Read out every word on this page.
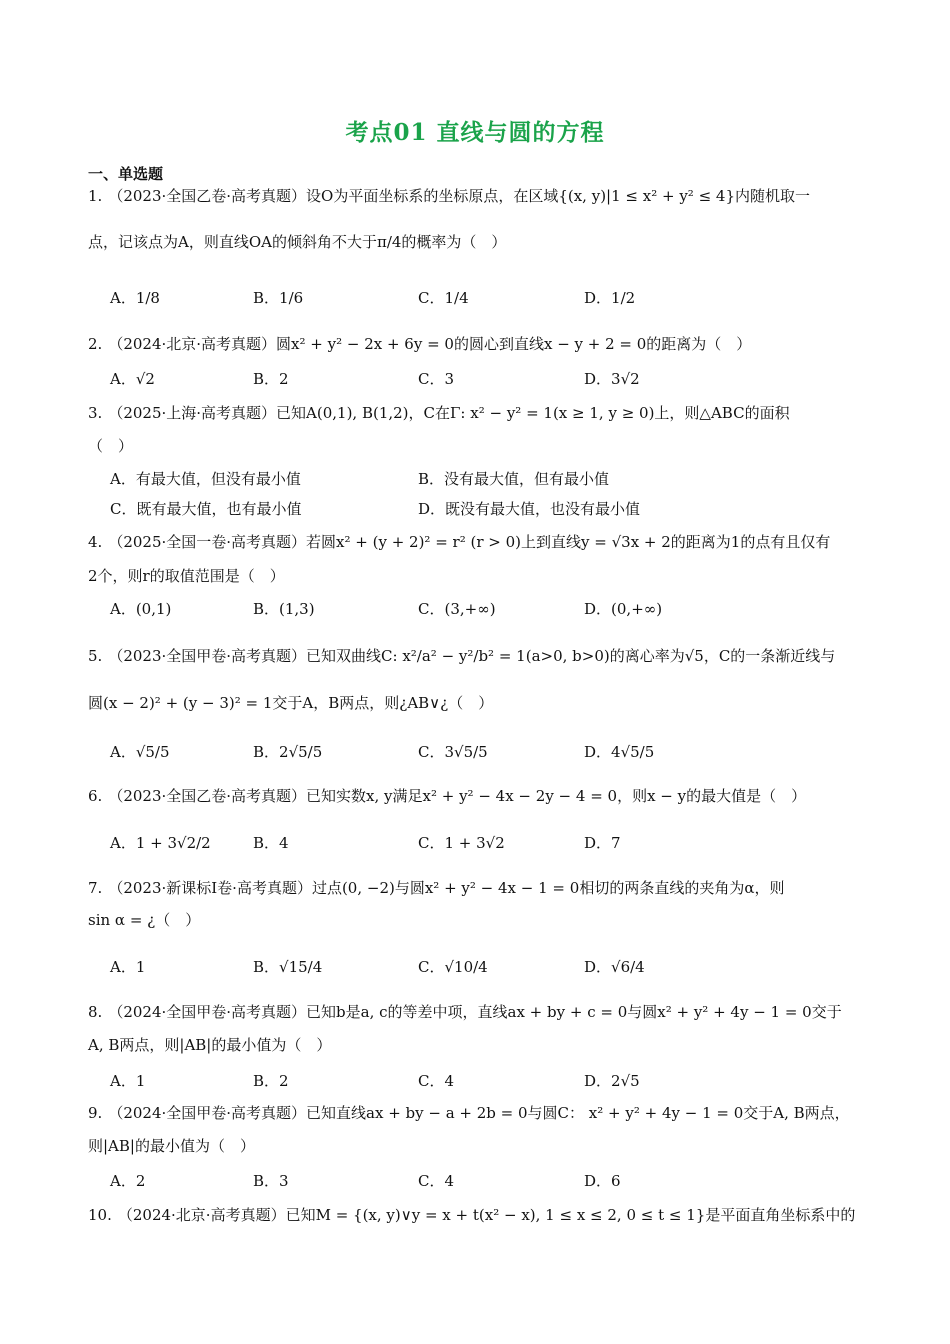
考点01 直线与圆的方程
一、单选题
1. （2023·全国乙卷·高考真题）设O为平面坐标系的坐标原点，在区域{(x, y)|1 ≤ x² + y² ≤ 4}内随机取一
点，记该点为A，则直线OA的倾斜角不大于π/4的概率为（　）
A．1/8	B．1/6	C．1/4	D．1/2
2. （2024·北京·高考真题）圆x² + y² − 2x + 6y = 0的圆心到直线x − y + 2 = 0的距离为（　）
A．√2	B．2	C．3	D．3√2
3. （2025·上海·高考真题）已知A(0,1), B(1,2)，C在Γ: x² − y² = 1(x ≥ 1, y ≥ 0)上，则△ABC的面积
（　）
A．有最大值，但没有最小值	B．没有最大值，但有最小值
C．既有最大值，也有最小值	D．既没有最大值，也没有最小值
4. （2025·全国一卷·高考真题）若圆x² + (y + 2)² = r² (r > 0)上到直线y = √3x + 2的距离为1的点有且仅有
2个，则r的取值范围是（　）
A．(0,1)	B．(1,3)	C．(3,+∞)	D．(0,+∞)
5. （2023·全国甲卷·高考真题）已知双曲线C: x²/a² − y²/b² = 1(a>0, b>0)的离心率为√5，C的一条渐近线与
圆(x − 2)² + (y − 3)² = 1交于A，B两点，则¿AB∨¿（　）
A．√5/5	B．2√5/5	C．3√5/5	D．4√5/5
6. （2023·全国乙卷·高考真题）已知实数x, y满足x² + y² − 4x − 2y − 4 = 0，则x − y的最大值是（　）
A．1 + 3√2/2	B．4	C．1 + 3√2	D．7
7. （2023·新课标Ⅰ卷·高考真题）过点(0, −2)与圆x² + y² − 4x − 1 = 0相切的两条直线的夹角为α，则
sin α = ¿（　）
A．1	B．√15/4	C．√10/4	D．√6/4
8. （2024·全国甲卷·高考真题）已知b是a, c的等差中项，直线ax + by + c = 0与圆x² + y² + 4y − 1 = 0交于
A, B两点，则|AB|的最小值为（　）
A．1	B．2	C．4	D．2√5
9. （2024·全国甲卷·高考真题）已知直线ax + by − a + 2b = 0与圆C： x² + y² + 4y − 1 = 0交于A, B两点，
则|AB|的最小值为（　）
A．2	B．3	C．4	D．6
10. （2024·北京·高考真题）已知M = {(x, y)∨y = x + t(x² − x), 1 ≤ x ≤ 2, 0 ≤ t ≤ 1}是平面直角坐标系中的
